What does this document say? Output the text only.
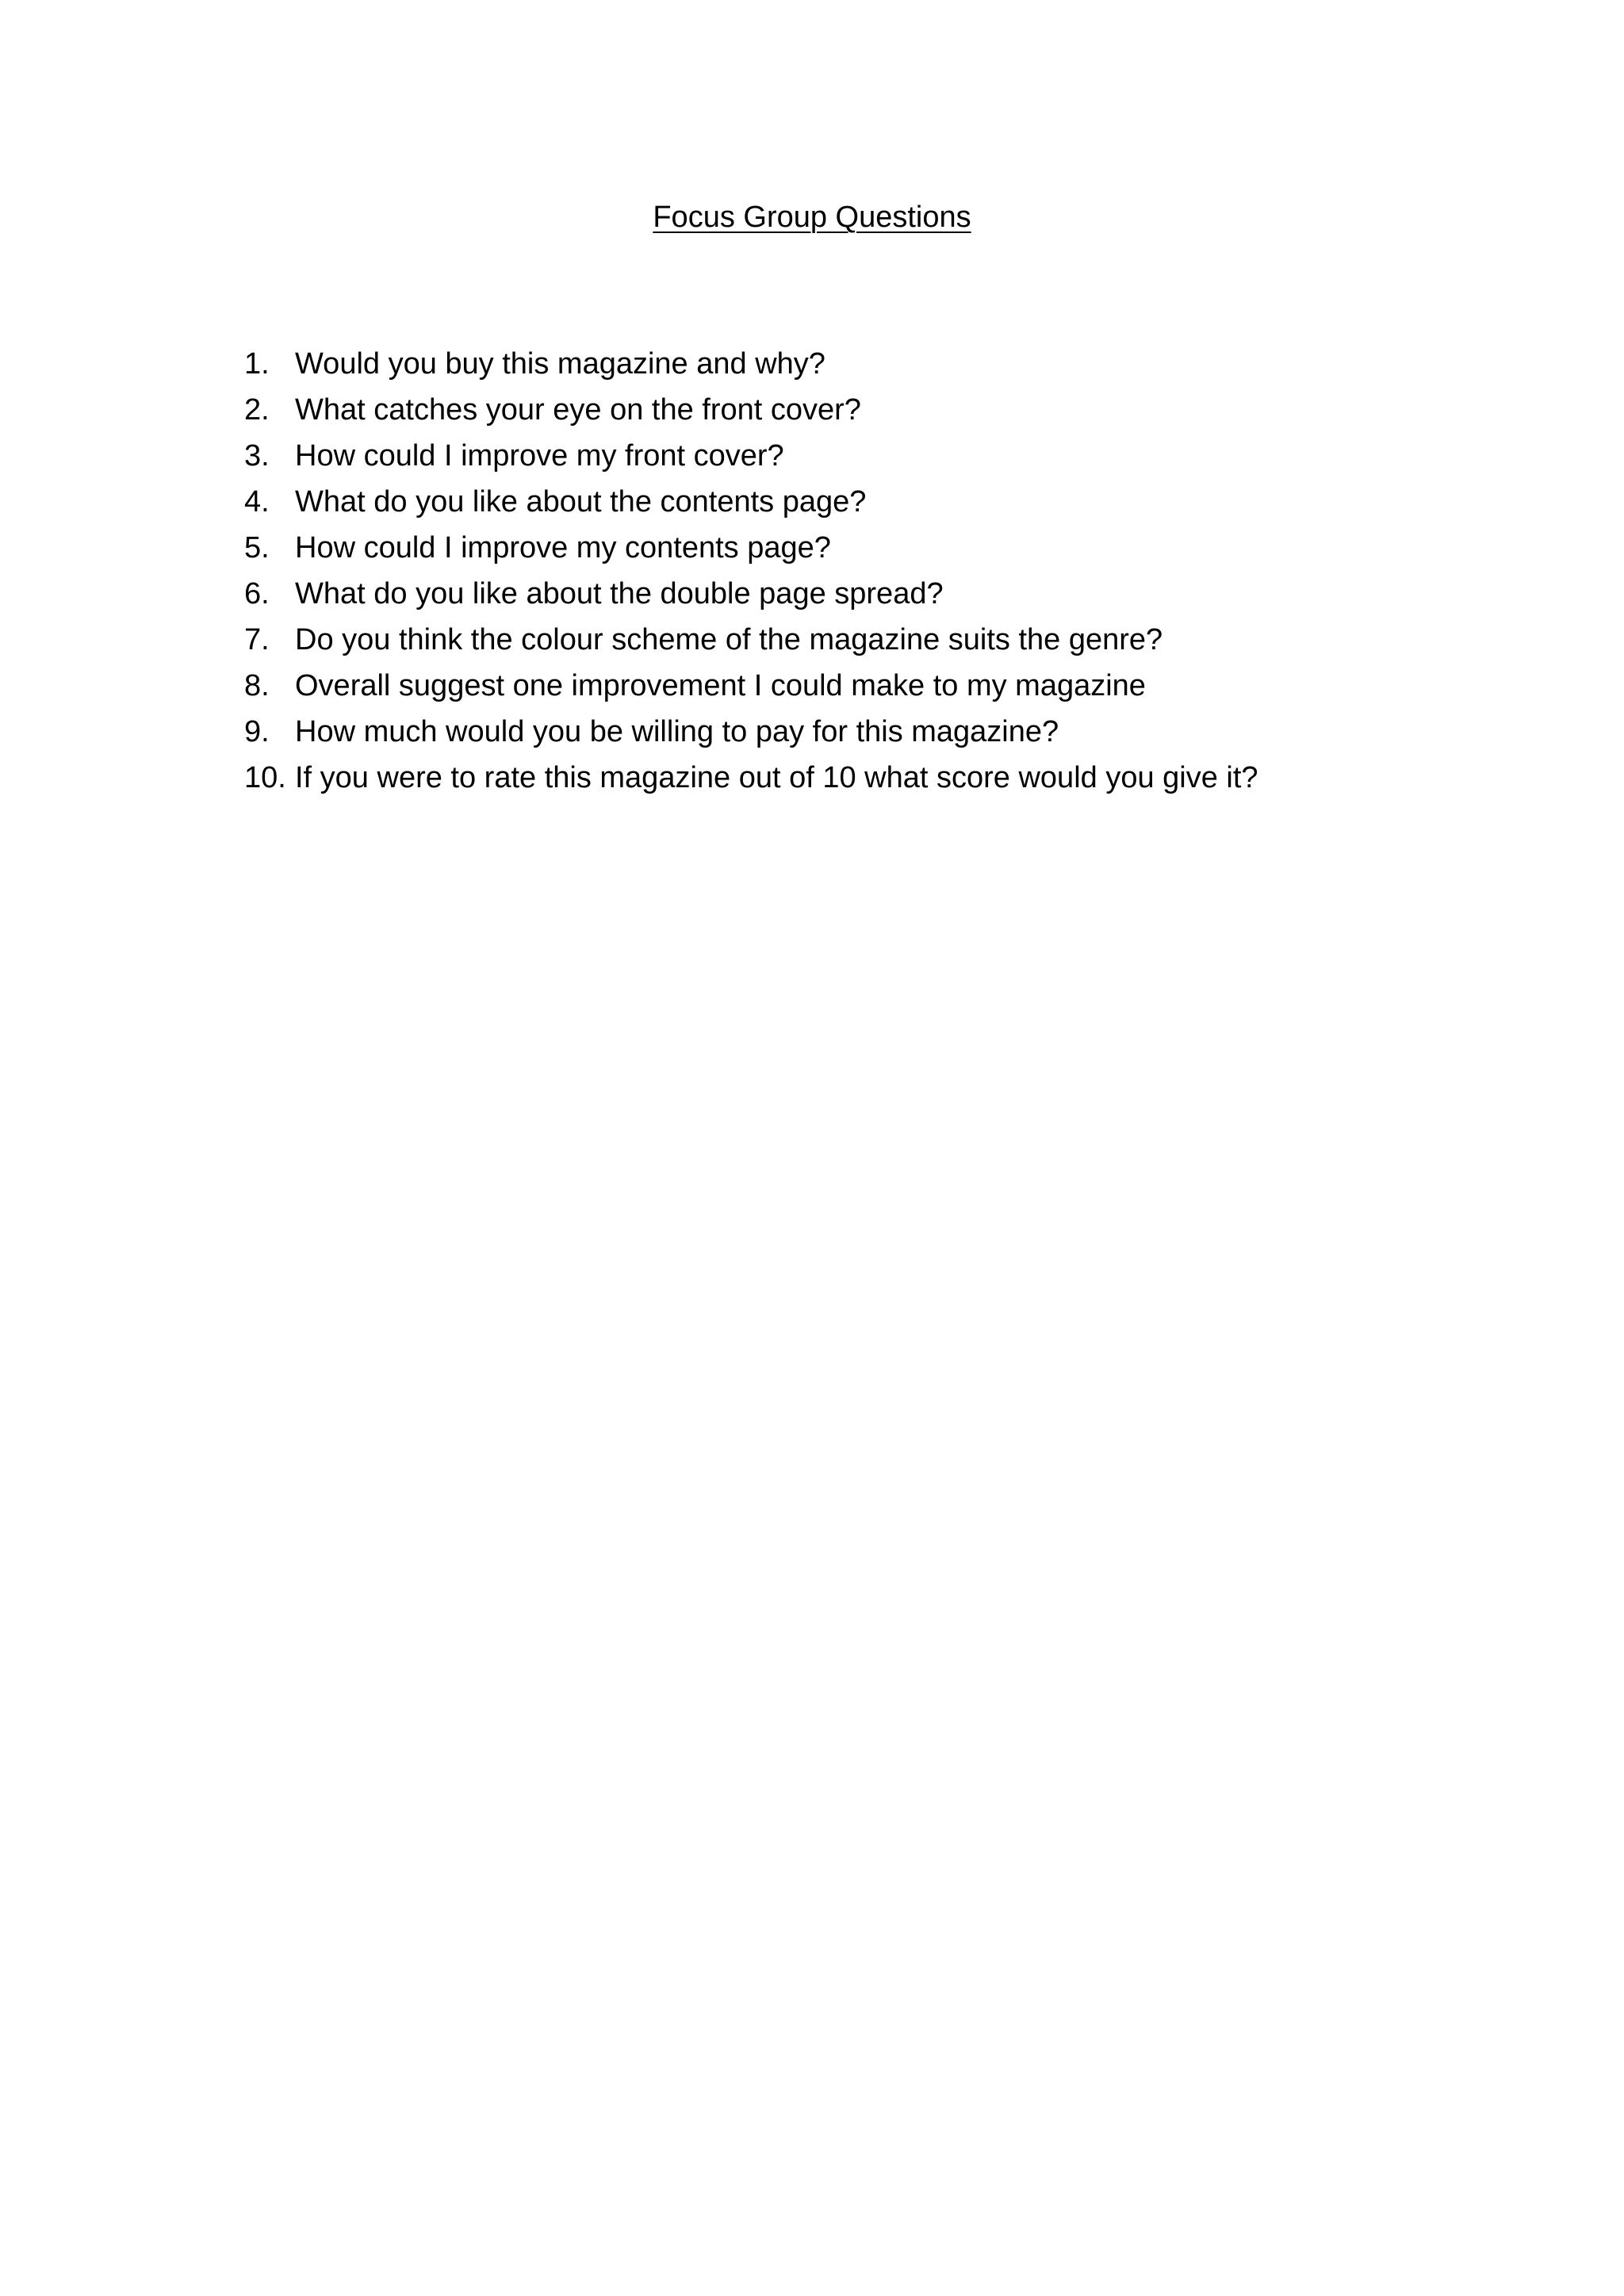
Focus Group Questions
1. Would you buy this magazine and why?
2. What catches your eye on the front cover?
3. How could I improve my front cover?
4. What do you like about the contents page?
5. How could I improve my contents page?
6. What do you like about the double page spread?
7. Do you think the colour scheme of the magazine suits the genre?
8. Overall suggest one improvement I could make to my magazine
9. How much would you be willing to pay for this magazine?
10. If you were to rate this magazine out of 10 what score would you give it?
